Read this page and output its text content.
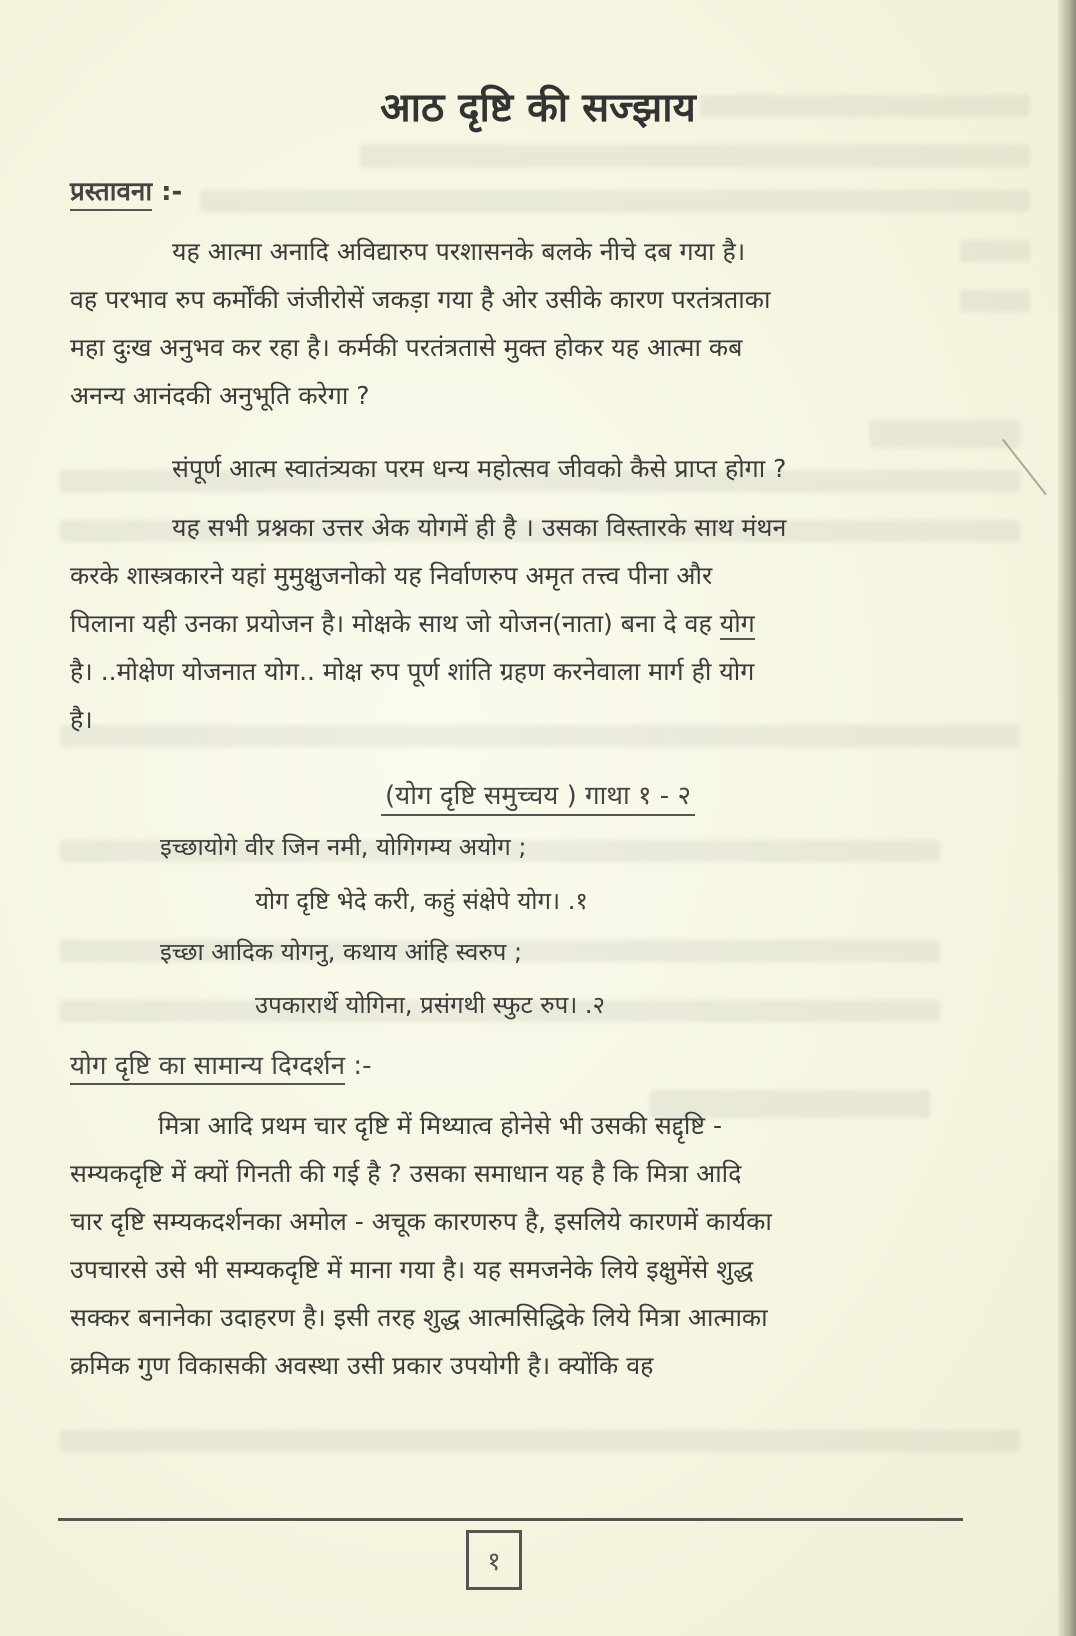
आठ दृष्टि की सज्झाय
प्रस्तावना :-
यह आत्मा अनादि अविद्यारुप परशासनके बलके नीचे दब गया है।
वह परभाव रुप कर्मोंकी जंजीरोसें जकड़ा गया है ओर उसीके कारण परतंत्रताका
महा दुःख अनुभव कर रहा है। कर्मकी परतंत्रतासे मुक्त होकर यह आत्मा कब
अनन्य आनंदकी अनुभूति करेगा ?
संपूर्ण आत्म स्वातंत्र्यका परम धन्य महोत्सव जीवको कैसे प्राप्त होगा ?
यह सभी प्रश्नका उत्तर अेक योगमें ही है । उसका विस्तारके साथ मंथन
करके शास्त्रकारने यहां मुमुक्षुजनोको यह निर्वाणरुप अमृत तत्त्व पीना और
पिलाना यही उनका प्रयोजन है। मोक्षके साथ जो योजन(नाता) बना दे वह योग
है। ..मोक्षेण योजनात योग.. मोक्ष रुप पूर्ण शांति ग्रहण करनेवाला मार्ग ही योग
है।
(योग दृष्टि समुच्चय ) गाथा १ - २
इच्छायोगे वीर जिन नमी, योगिगम्य अयोग ;
योग दृष्टि भेदे करी, कहुं संक्षेपे योग। .१
इच्छा आदिक योगनु, कथाय आंहि स्वरुप ;
उपकारार्थे योगिना, प्रसंगथी स्फुट रुप। .२
योग दृष्टि का सामान्य दिग्दर्शन :-
मित्रा आदि प्रथम चार दृष्टि में मिथ्यात्व होनेसे भी उसकी सद्दृष्टि -
सम्यकदृष्टि में क्यों गिनती की गई है ? उसका समाधान यह है कि मित्रा आदि
चार दृष्टि सम्यकदर्शनका अमोल - अचूक कारणरुप है, इसलिये कारणमें कार्यका
उपचारसे उसे भी सम्यकदृष्टि में माना गया है। यह समजनेके लिये इक्षुमेंसे शुद्ध
सक्कर बनानेका उदाहरण है। इसी तरह शुद्ध आत्मसिद्धिके लिये मित्रा आत्माका
क्रमिक गुण विकासकी अवस्था उसी प्रकार उपयोगी है। क्योंकि वह
१
